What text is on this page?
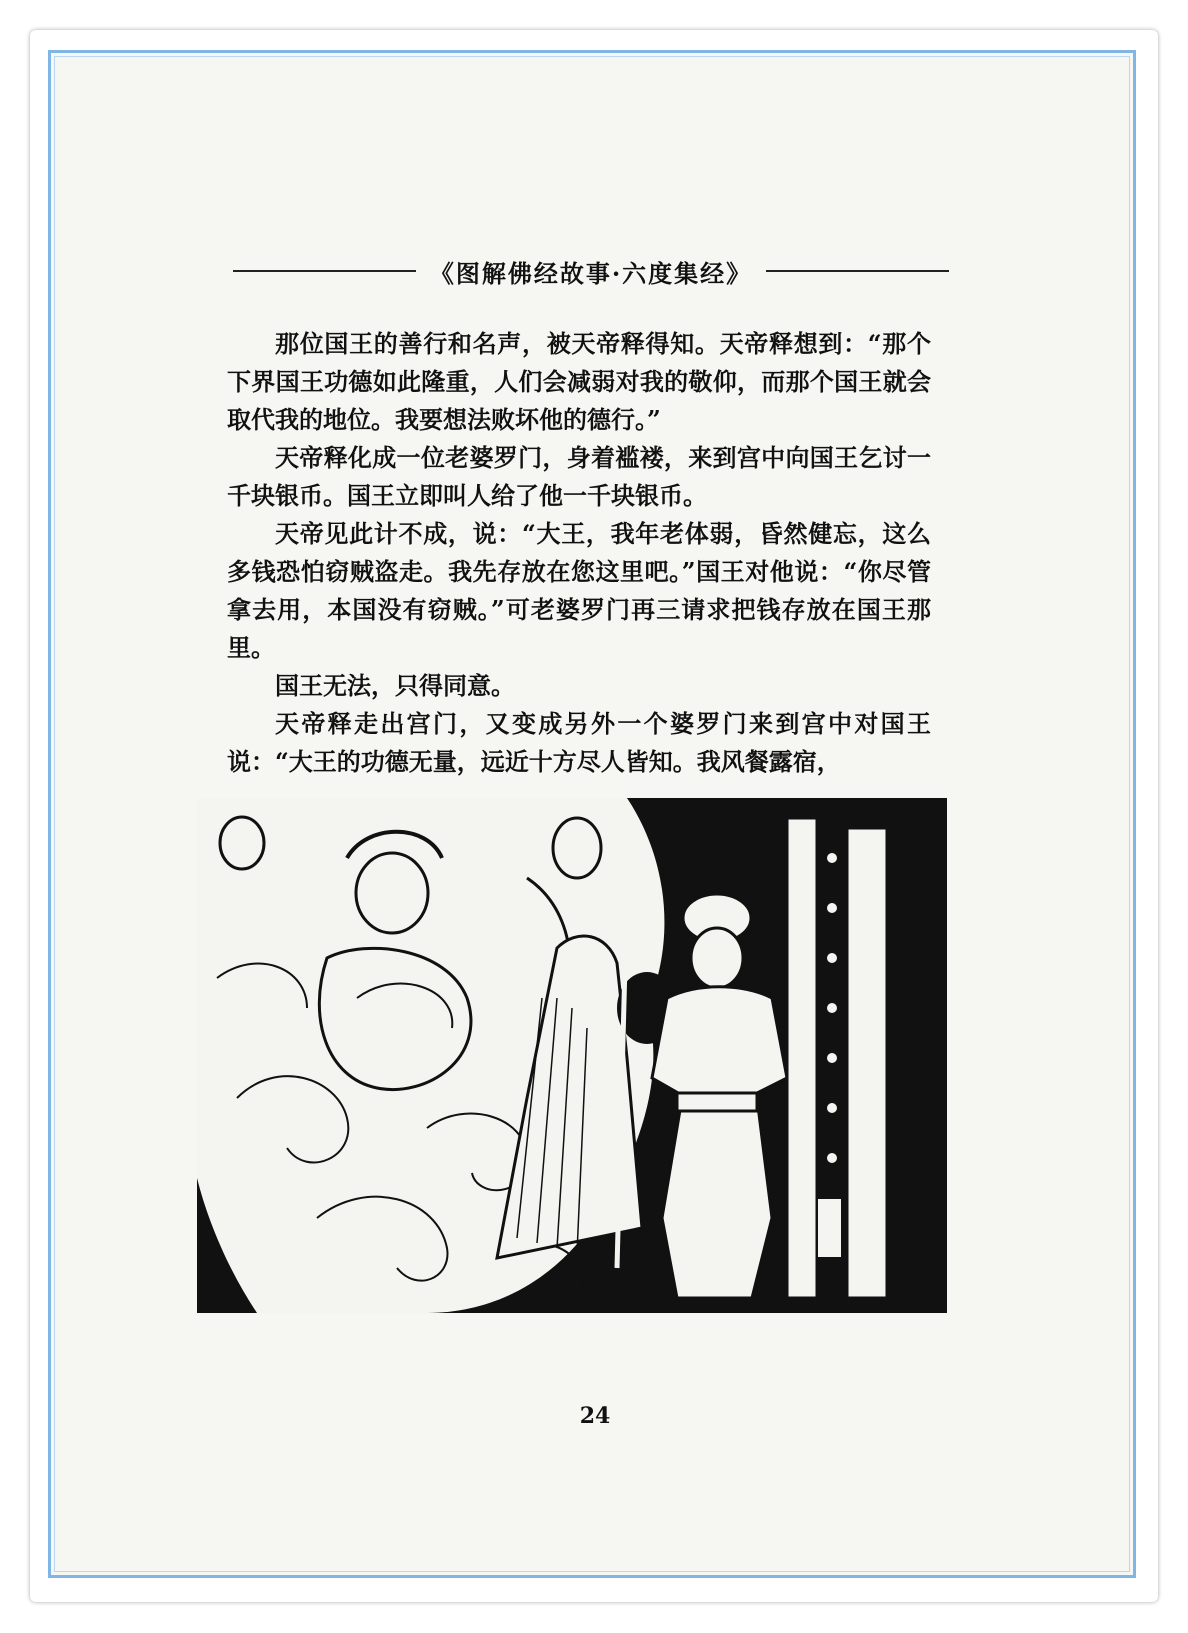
《图解佛经故事·六度集经》

那位国王的善行和名声，被天帝释得知。天帝释想到：“那个下界国王功德如此隆重，人们会减弱对我的敬仰，而那个国王就会取代我的地位。我要想法败坏他的德行。”

天帝释化成一位老婆罗门，身着褴褛，来到宫中向国王乞讨一千块银币。国王立即叫人给了他一千块银币。

天帝见此计不成，说：“大王，我年老体弱，昏然健忘，这么多钱恐怕窃贼盗走。我先存放在您这里吧。”国王对他说：“你尽管拿去用，本国没有窃贼。”可老婆罗门再三请求把钱存放在国王那里。

国王无法，只得同意。

天帝释走出宫门，又变成另外一个婆罗门来到宫中对国王说：“大王的功德无量，远近十方尽人皆知。我风餐露宿，

24
